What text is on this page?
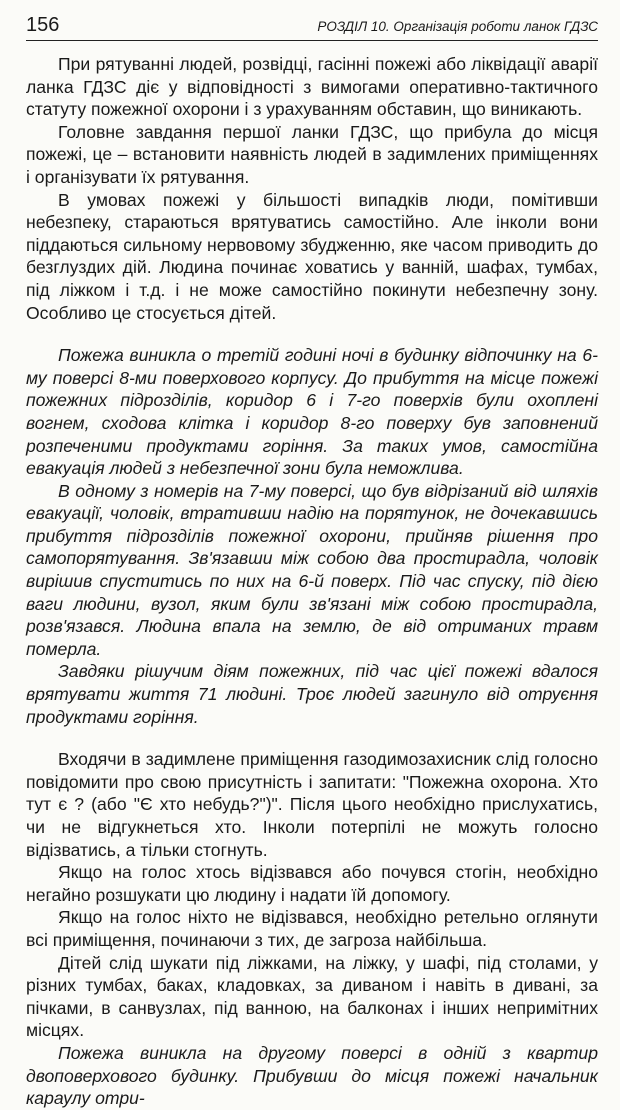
156	РОЗДІЛ 10. Організація роботи ланок ГДЗС

При рятуванні людей, розвідці, гасінні пожежі або ліквідації аварії ланка ГДЗС діє у відповідності з вимогами оперативно-тактичного статуту пожежної охорони і з урахуванням обставин, що виникають.

Головне завдання першої ланки ГДЗС, що прибула до місця пожежі, це – встановити наявність людей в задимлених приміщеннях і організувати їх рятування.

В умовах пожежі у більшості випадків люди, помітивши небезпеку, стараються врятуватись самостійно. Але інколи вони піддаються сильному нервовому збудженню, яке часом приводить до безглуздих дій. Людина починає ховатись у ванній, шафах, тумбах, під ліжком і т.д. і не може самостійно покинути небезпечну зону. Особливо це стосується дітей.

Пожежа виникла о третій годині ночі в будинку відпочинку на 6-му поверсі 8-ми поверхового корпусу. До прибуття на місце пожежі пожежних підрозділів, коридор 6 і 7-го поверхів були охоплені вогнем, сходова клітка і коридор 8-го поверху був заповнений розпеченими продуктами горіння. За таких умов, самостійна евакуація людей з небезпечної зони була неможлива.

В одному з номерів на 7-му поверсі, що був відрізаний від шляхів евакуації, чоловік, втративши надію на порятунок, не дочекавшись прибуття підрозділів пожежної охорони, прийняв рішення про самопорятування. Зв'язавши між собою два простирадла, чоловік вирішив спуститись по них на 6-й поверх. Під час спуску, під дією ваги людини, вузол, яким були зв'язані між собою простирадла, розв'язався. Людина впала на землю, де від отриманих травм померла.

Завдяки рішучим діям пожежних, під час цієї пожежі вдалося врятувати життя 71 людині. Троє людей загинуло від отруєння продуктами горіння.

Входячи в задимлене приміщення газодимозахисник слід голосно повідомити про свою присутність і запитати: "Пожежна охорона. Хто тут є ? (або "Є хто небудь?")". Після цього необхідно прислухатись, чи не відгукнеться хто. Інколи потерпілі не можуть голосно відізватись, а тільки стогнуть.

Якщо на голос хтось відізвався або почувся стогін, необхідно негайно розшукати цю людину і надати їй допомогу.

Якщо на голос ніхто не відізвався, необхідно ретельно оглянути всі приміщення, починаючи з тих, де загроза найбільша.

Дітей слід шукати під ліжками, на ліжку, у шафі, під столами, у різних тумбах, баках, кладовках, за диваном і навіть в дивані, за пічками, в санвузлах, під ванною, на балконах і інших непримітних місцях.

Пожежа виникла на другому поверсі в одній з квартир двоповерхового будинку. Прибувши до місця пожежі начальник караулу отри-
